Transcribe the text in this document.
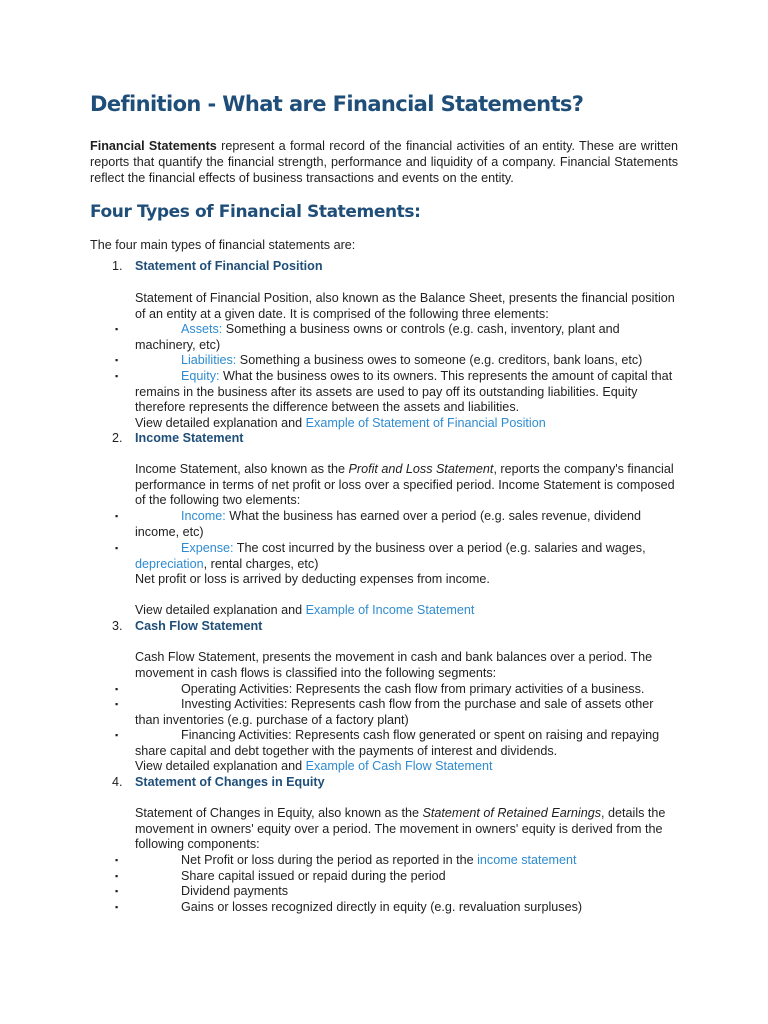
Definition - What are Financial Statements?

Financial Statements represent a formal record of the financial activities of an entity. These are written reports that quantify the financial strength, performance and liquidity of a company. Financial Statements reflect the financial effects of business transactions and events on the entity.

Four Types of Financial Statements:

The four main types of financial statements are:

1. Statement of Financial Position

Statement of Financial Position, also known as the Balance Sheet, presents the financial position of an entity at a given date. It is comprised of the following three elements:

▪	Assets: Something a business owns or controls (e.g. cash, inventory, plant and machinery, etc)

▪	Liabilities: Something a business owes to someone (e.g. creditors, bank loans, etc)

▪	Equity: What the business owes to its owners. This represents the amount of capital that remains in the business after its assets are used to pay off its outstanding liabilities. Equity therefore represents the difference between the assets and liabilities.

View detailed explanation and Example of Statement of Financial Position

2. Income Statement

Income Statement, also known as the Profit and Loss Statement, reports the company's financial performance in terms of net profit or loss over a specified period. Income Statement is composed of the following two elements:

▪	Income: What the business has earned over a period (e.g. sales revenue, dividend income, etc)

▪	Expense: The cost incurred by the business over a period (e.g. salaries and wages, depreciation, rental charges, etc)

Net profit or loss is arrived by deducting expenses from income.

View detailed explanation and Example of Income Statement

3. Cash Flow Statement

Cash Flow Statement, presents the movement in cash and bank balances over a period. The movement in cash flows is classified into the following segments:

▪	Operating Activities: Represents the cash flow from primary activities of a business.

▪	Investing Activities: Represents cash flow from the purchase and sale of assets other than inventories (e.g. purchase of a factory plant)

▪	Financing Activities: Represents cash flow generated or spent on raising and repaying share capital and debt together with the payments of interest and dividends.

View detailed explanation and Example of Cash Flow Statement

4. Statement of Changes in Equity

Statement of Changes in Equity, also known as the Statement of Retained Earnings, details the movement in owners' equity over a period. The movement in owners' equity is derived from the following components:

▪	Net Profit or loss during the period as reported in the income statement

▪	Share capital issued or repaid during the period

▪	Dividend payments

▪	Gains or losses recognized directly in equity (e.g. revaluation surpluses)
